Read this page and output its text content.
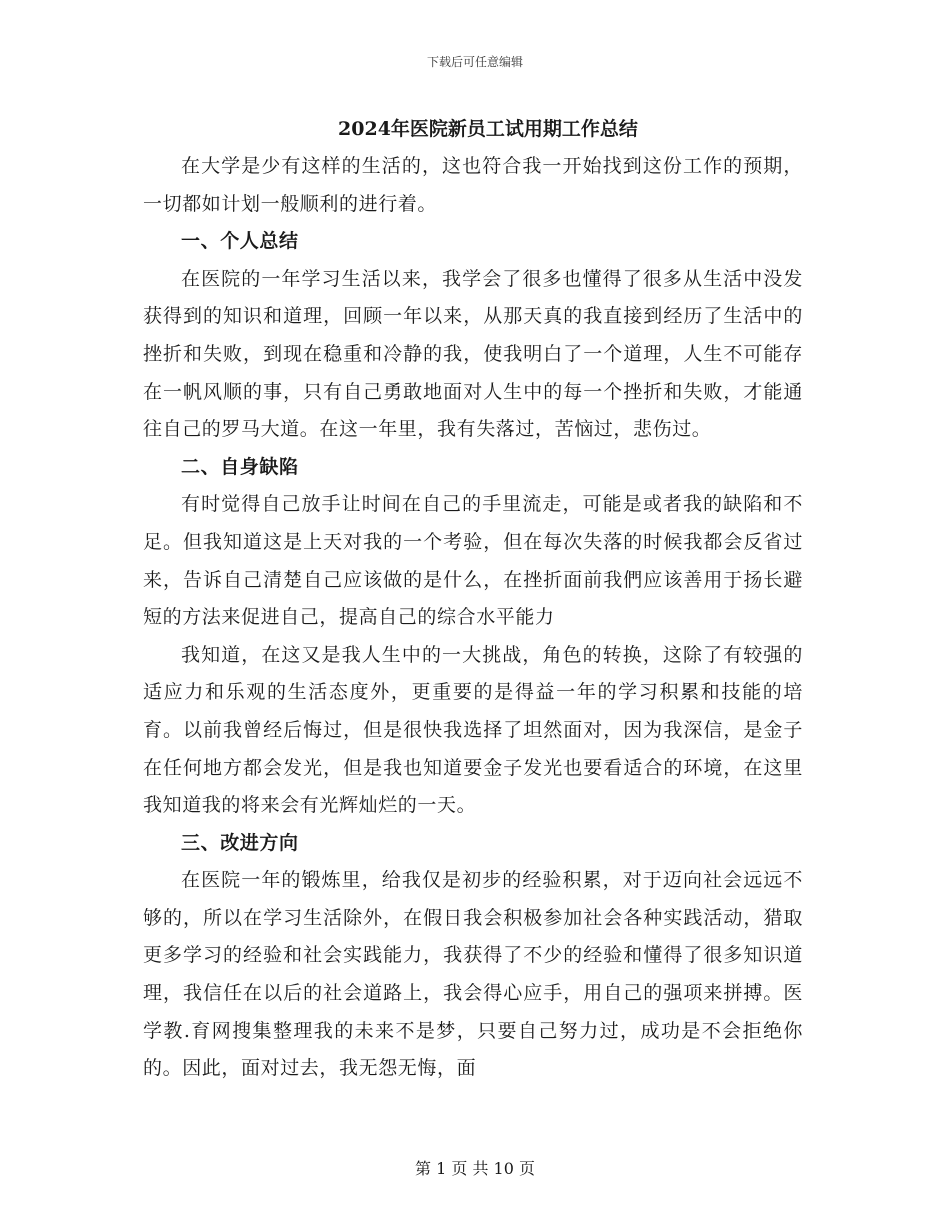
下载后可任意编辑
2024年医院新员工试用期工作总结

在大学是少有这样的生活的，这也符合我一开始找到这份工作的预期，一切都如计划一般顺利的进行着。

一、个人总结

在医院的一年学习生活以来，我学会了很多也懂得了很多从生活中没发获得到的知识和道理，回顾一年以来，从那天真的我直接到经历了生活中的挫折和失败，到现在稳重和冷静的我，使我明白了一个道理，人生不可能存在一帆风顺的事，只有自己勇敢地面对人生中的每一个挫折和失败，才能通往自己的罗马大道。在这一年里，我有失落过，苦恼过，悲伤过。

二、自身缺陷

有时觉得自己放手让时间在自己的手里流走，可能是或者我的缺陷和不足。但我知道这是上天对我的一个考验，但在每次失落的时候我都会反省过来，告诉自己清楚自己应该做的是什么，在挫折面前我們应该善用于扬长避短的方法来促进自己，提高自己的综合水平能力

我知道，在这又是我人生中的一大挑战，角色的转换，这除了有较强的适应力和乐观的生活态度外，更重要的是得益一年的学习积累和技能的培育。以前我曾经后悔过，但是很快我选择了坦然面对，因为我深信，是金子在任何地方都会发光，但是我也知道要金子发光也要看适合的环境，在这里我知道我的将来会有光辉灿烂的一天。

三、改进方向

在医院一年的锻炼里，给我仅是初步的经验积累，对于迈向社会远远不够的，所以在学习生活除外，在假日我会积极参加社会各种实践活动，猎取更多学习的经验和社会实践能力，我获得了不少的经验和懂得了很多知识道理，我信任在以后的社会道路上，我会得心应手，用自己的强项来拼搏。医学教.育网搜集整理我的未来不是梦，只要自己努力过，成功是不会拒绝你的。因此，面对过去，我无怨无悔，面

第 1 页 共 10 页
